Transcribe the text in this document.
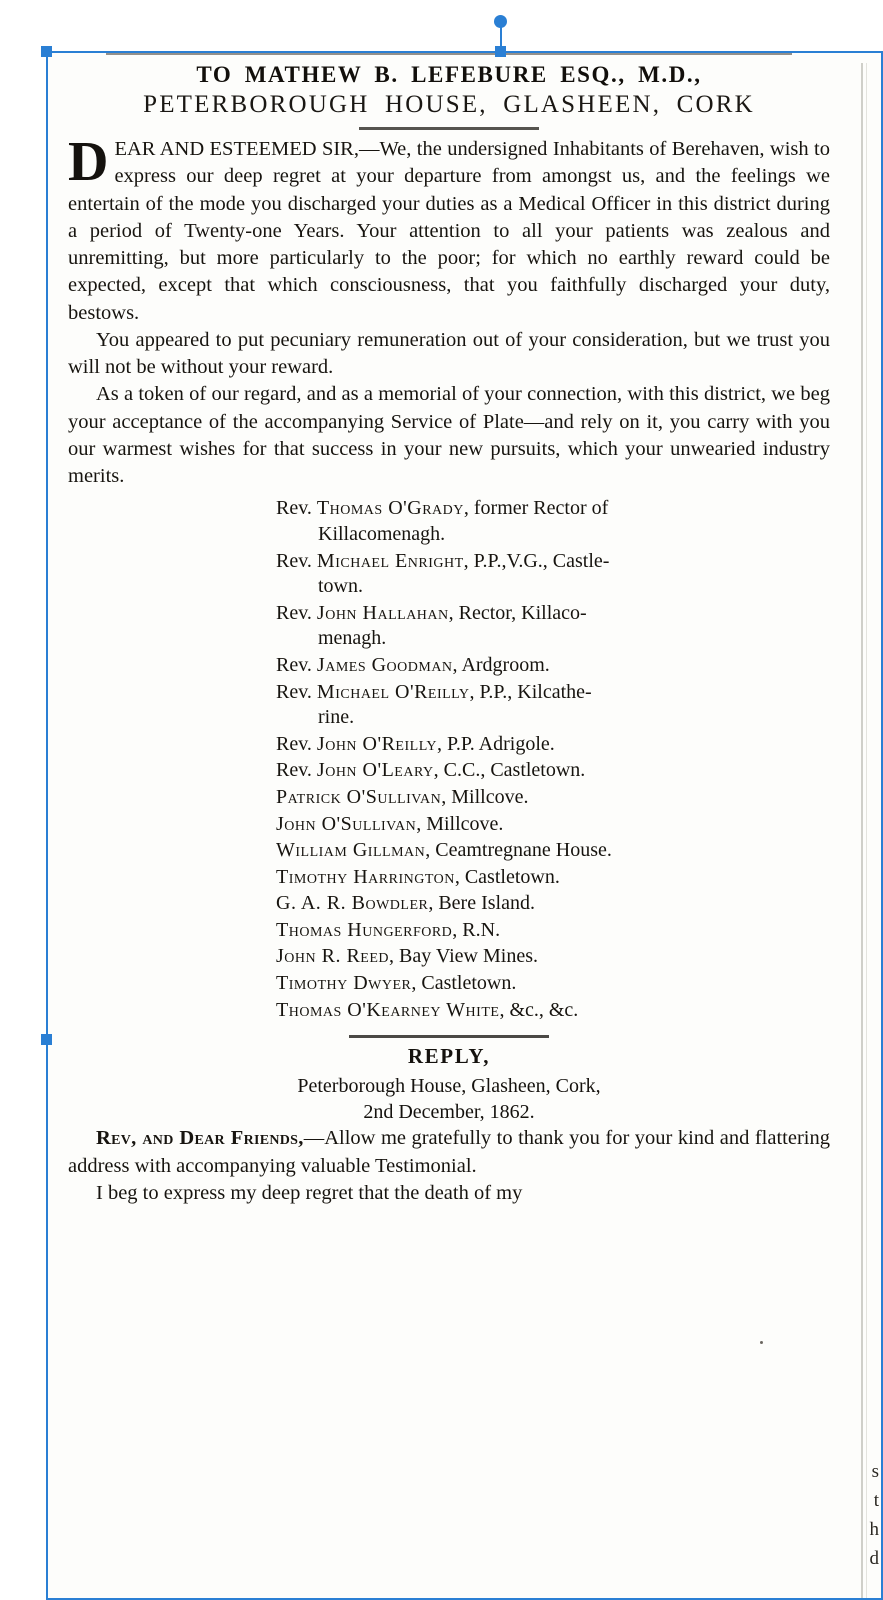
TO MATHEW B. LEFEBURE ESQ., M.D.,
PETERBOROUGH HOUSE, GLASHEEN, CORK
D EAR AND ESTEEMED SIR,—We, the undersigned Inhabitants of Berehaven, wish to express our deep regret at your departure from amongst us, and the feelings we entertain of the mode you discharged your duties as a Medical Officer in this district during a period of Twenty-one Years. Your attention to all your patients was zealous and unremitting, but more particularly to the poor; for which no earthly reward could be expected, except that which consciousness, that you faithfully discharged your duty, bestows.

You appeared to put pecuniary remuneration out of your consideration, but we trust you will not be without your reward.

As a token of our regard, and as a memorial of your connection, with this district, we beg your acceptance of the accompanying Service of Plate—and rely on it, you carry with you our warmest wishes for that success in your new pursuits, which your unwearied industry merits.

Rev. Thomas O'Grady, former Rector of
Killacomenagh.
Rev. Michael Enright, P.P.,V.G., Castle-
town.
Rev. John Hallahan, Rector, Killaco-
menagh.
Rev. James Goodman, Ardgroom.
Rev. Michael O'Reilly, P.P., Kilcathe-
rine.
Rev. John O'Reilly, P.P. Adrigole.
Rev. John O'Leary, C.C., Castletown.
Patrick O'Sullivan, Millcove.
John O'Sullivan, Millcove.
William Gillman, Ceamtregnane House.
Timothy Harrington, Castletown.
G. A. R. Bowdler, Bere Island.
Thomas Hungerford, R.N.
John R. Reed, Bay View Mines.
Timothy Dwyer, Castletown.
Thomas O'Kearney White, &c., &c.
REPLY,
Peterborough House, Glasheen, Cork,
2nd December, 1862.

Rev, and Dear Friends,—Allow me gratefully to thank you for your kind and flattering address with accompanying valuable Testimonial.

I beg to express my deep regret that the death of my

s
t
h
d
